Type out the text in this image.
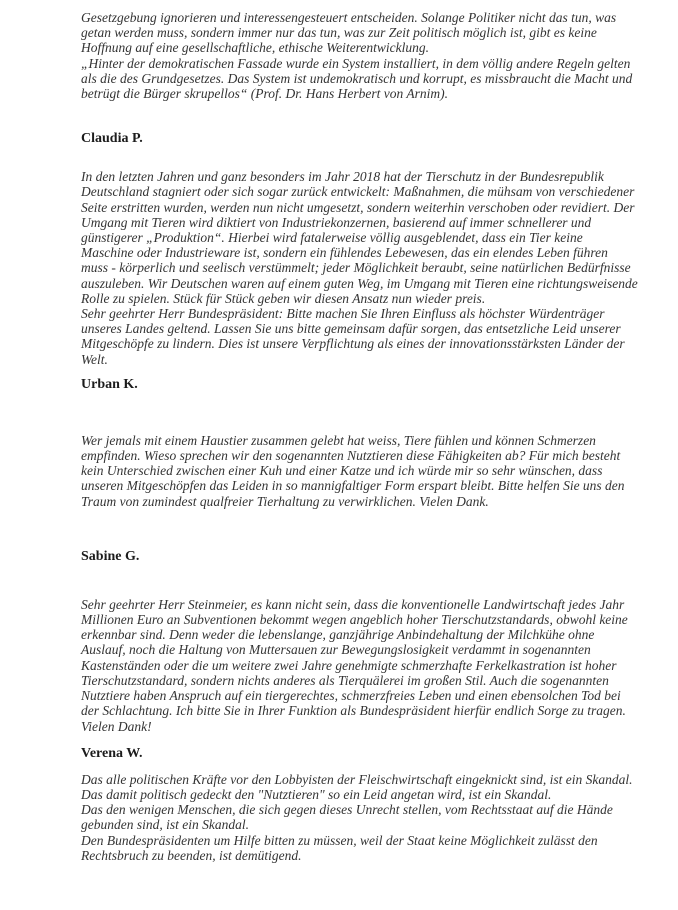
Gesetzgebung ignorieren und interessengesteuert entscheiden. Solange Politiker nicht das tun, was getan werden muss, sondern immer nur das tun, was zur Zeit politisch möglich ist, gibt es keine Hoffnung auf eine gesellschaftliche, ethische Weiterentwicklung.

„Hinter der demokratischen Fassade wurde ein System installiert, in dem völlig andere Regeln gelten als die des Grundgesetzes. Das System ist undemokratisch und korrupt, es missbraucht die Macht und betrügt die Bürger skrupellos“ (Prof. Dr. Hans Herbert von Arnim).

Claudia P.

In den letzten Jahren und ganz besonders im Jahr 2018 hat der Tierschutz in der Bundesrepublik Deutschland stagniert oder sich sogar zurück entwickelt: Maßnahmen, die mühsam von verschiedener Seite erstritten wurden, werden nun nicht umgesetzt, sondern weiterhin verschoben oder revidiert. Der Umgang mit Tieren wird diktiert von Industriekonzernen, basierend auf immer schnellerer und günstigerer „Produktion“. Hierbei wird fatalerweise völlig ausgeblendet, dass ein Tier keine Maschine oder Industrieware ist, sondern ein fühlendes Lebewesen, das ein elendes Leben führen muss - körperlich und seelisch verstümmelt; jeder Möglichkeit beraubt, seine natürlichen Bedürfnisse auszuleben. Wir Deutschen waren auf einem guten Weg, im Umgang mit Tieren eine richtungsweisende Rolle zu spielen. Stück für Stück geben wir diesen Ansatz nun wieder preis.

Sehr geehrter Herr Bundespräsident: Bitte machen Sie Ihren Einfluss als höchster Würdenträger unseres Landes geltend. Lassen Sie uns bitte gemeinsam dafür sorgen, das entsetzliche Leid unserer Mitgeschöpfe zu lindern. Dies ist unsere Verpflichtung als eines der innovationsstärksten Länder der Welt.

Urban K.

Wer jemals mit einem Haustier zusammen gelebt hat weiss, Tiere fühlen und können Schmerzen empfinden. Wieso sprechen wir den sogenannten Nutztieren diese Fähigkeiten ab? Für mich besteht kein Unterschied zwischen einer Kuh und einer Katze und ich würde mir so sehr wünschen, dass unseren Mitgeschöpfen das Leiden in so mannigfaltiger Form erspart bleibt. Bitte helfen Sie uns den Traum von zumindest qualfreier Tierhaltung zu verwirklichen. Vielen Dank.

Sabine G.

Sehr geehrter Herr Steinmeier, es kann nicht sein, dass die konventionelle Landwirtschaft jedes Jahr Millionen Euro an Subventionen bekommt wegen angeblich hoher Tierschutzstandards, obwohl keine erkennbar sind. Denn weder die lebenslange, ganzjährige Anbindehaltung der Milchkühe ohne Auslauf, noch die Haltung von Muttersauen zur Bewegungslosigkeit verdammt in sogenannten Kastenständen oder die um weitere zwei Jahre genehmigte schmerzhafte Ferkelkastration ist hoher Tierschutzstandard, sondern nichts anderes als Tierquälerei im großen Stil. Auch die sogenannten Nutztiere haben Anspruch auf ein tiergerechtes, schmerzfreies Leben und einen ebensolchen Tod bei der Schlachtung. Ich bitte Sie in Ihrer Funktion als Bundespräsident hierfür endlich Sorge zu tragen. Vielen Dank!

Verena W.

Das alle politischen Kräfte vor den Lobbyisten der Fleischwirtschaft eingeknickt sind, ist ein Skandal.

Das damit politisch gedeckt den "Nutztieren" so ein Leid angetan wird, ist ein Skandal.

Das den wenigen Menschen, die sich gegen dieses Unrecht stellen, vom Rechtsstaat auf die Hände gebunden sind, ist ein Skandal.

Den Bundespräsidenten um Hilfe bitten zu müssen, weil der Staat keine Möglichkeit zulässt den Rechtsbruch zu beenden, ist demütigend.
